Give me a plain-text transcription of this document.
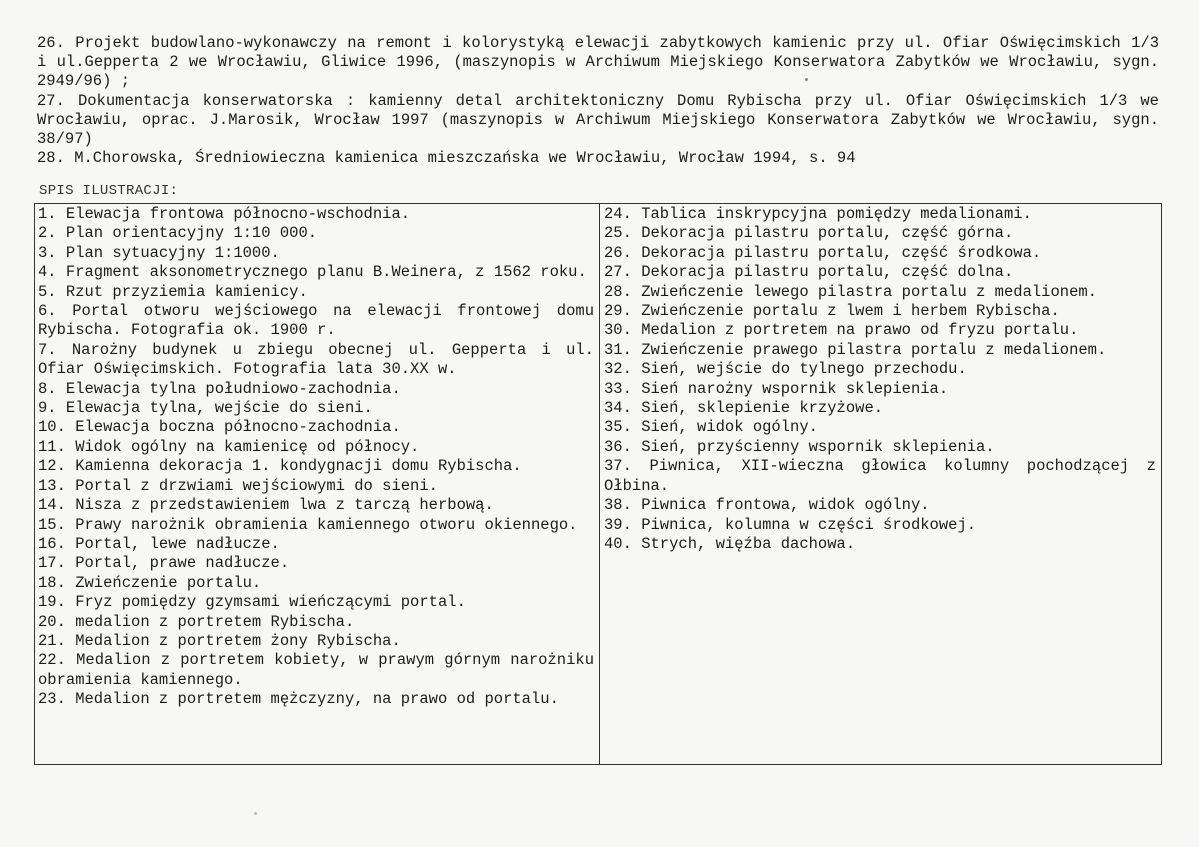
26. Projekt budowlano-wykonawczy na remont i kolorystyką elewacji zabytkowych kamienic przy ul. Ofiar Oświęcimskich 1/3 i ul.Gepperta 2 we Wrocławiu, Gliwice 1996, (maszynopis w Archiwum Miejskiego Konserwatora Zabytków we Wrocławiu, sygn. 2949/96) ;

27. Dokumentacja konserwatorska : kamienny detal architektoniczny Domu Rybischa przy ul. Ofiar Oświęcimskich 1/3 we Wrocławiu, oprac. J.Marosik, Wrocław 1997 (maszynopis w Archiwum Miejskiego Konserwatora Zabytków we Wrocławiu, sygn. 38/97)

28. M.Chorowska, Średniowieczna kamienica mieszczańska we Wrocławiu, Wrocław 1994, s. 94

SPIS ILUSTRACJI:

1. Elewacja frontowa północno-wschodnia.

2. Plan orientacyjny 1:10 000.

3. Plan sytuacyjny 1:1000.

4. Fragment aksonometrycznego planu B.Weinera, z 1562 roku.

5. Rzut przyziemia kamienicy.

6. Portal otworu wejściowego na elewacji frontowej domu Rybischa. Fotografia ok. 1900 r.

7. Narożny budynek u zbiegu obecnej ul. Gepperta i ul. Ofiar Oświęcimskich. Fotografia lata 30.XX w.

8. Elewacja tylna południowo-zachodnia.

9. Elewacja tylna, wejście do sieni.

10. Elewacja boczna północno-zachodnia.

11. Widok ogólny na kamienicę od północy.

12. Kamienna dekoracja 1. kondygnacji domu Rybischa.

13. Portal z drzwiami wejściowymi do sieni.

14. Nisza z przedstawieniem lwa z tarczą herbową.

15. Prawy narożnik obramienia kamiennego otworu okiennego.

16. Portal, lewe nadłucze.

17. Portal, prawe nadłucze.

18. Zwieńczenie portalu.

19. Fryz pomiędzy gzymsami wieńczącymi portal.

20. medalion z portretem Rybischa.

21. Medalion z portretem żony Rybischa.

22. Medalion z portretem kobiety, w prawym górnym narożniku obramienia kamiennego.

23. Medalion z portretem mężczyzny, na prawo od portalu.

24. Tablica inskrypcyjna pomiędzy medalionami.

25. Dekoracja pilastru portalu, część górna.

26. Dekoracja pilastru portalu, część środkowa.

27. Dekoracja pilastru portalu, część dolna.

28. Zwieńczenie lewego pilastra portalu z medalionem.

29. Zwieńczenie portalu z lwem i herbem Rybischa.

30. Medalion z portretem na prawo od fryzu portalu.

31. Zwieńczenie prawego pilastra portalu z medalionem.

32. Sień, wejście do tylnego przechodu.

33. Sień narożny wspornik sklepienia.

34. Sień, sklepienie krzyżowe.

35. Sień, widok ogólny.

36. Sień, przyścienny wspornik sklepienia.

37. Piwnica, XII-wieczna głowica kolumny pochodzącej z Ołbina.

38. Piwnica frontowa, widok ogólny.

39. Piwnica, kolumna w części środkowej.

40. Strych, więźba dachowa.
